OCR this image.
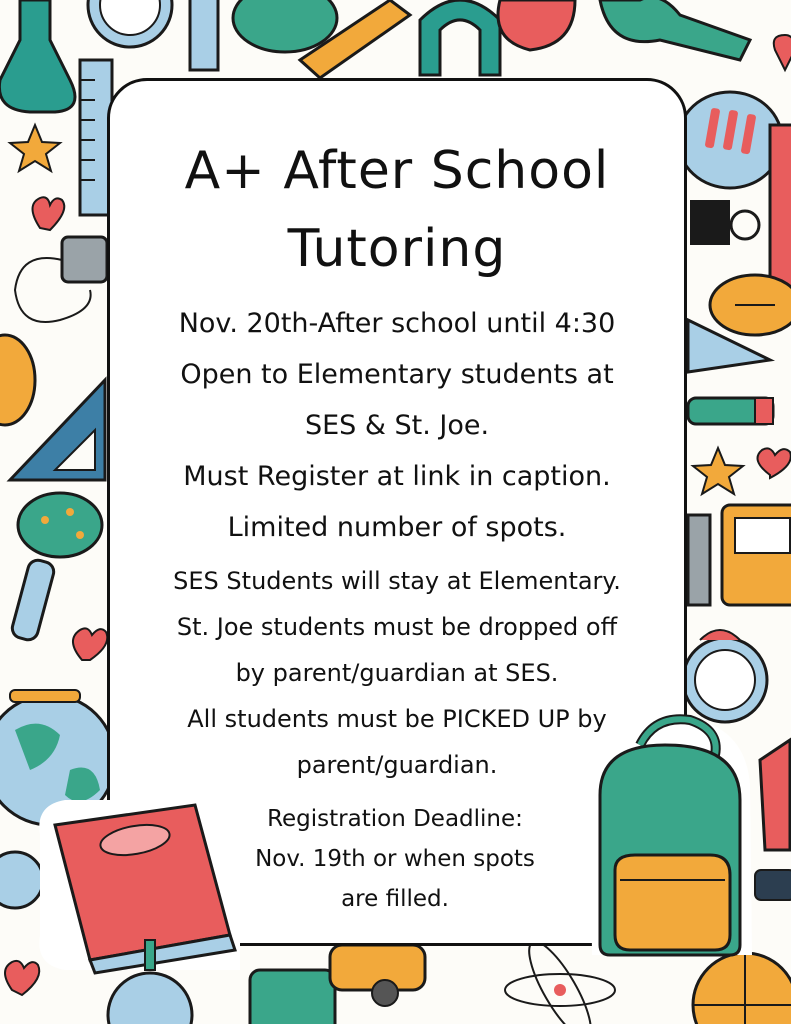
A+ After School
Tutoring
Nov. 20th-After school until 4:30
Open to Elementary students at
SES & St. Joe.
Must Register at link in caption.
Limited number of spots.
SES Students will stay at Elementary.
St. Joe students must be dropped off
by parent/guardian at SES.
All students must be PICKED UP by
parent/guardian.
Registration Deadline:
Nov. 19th or when spots
are filled.
